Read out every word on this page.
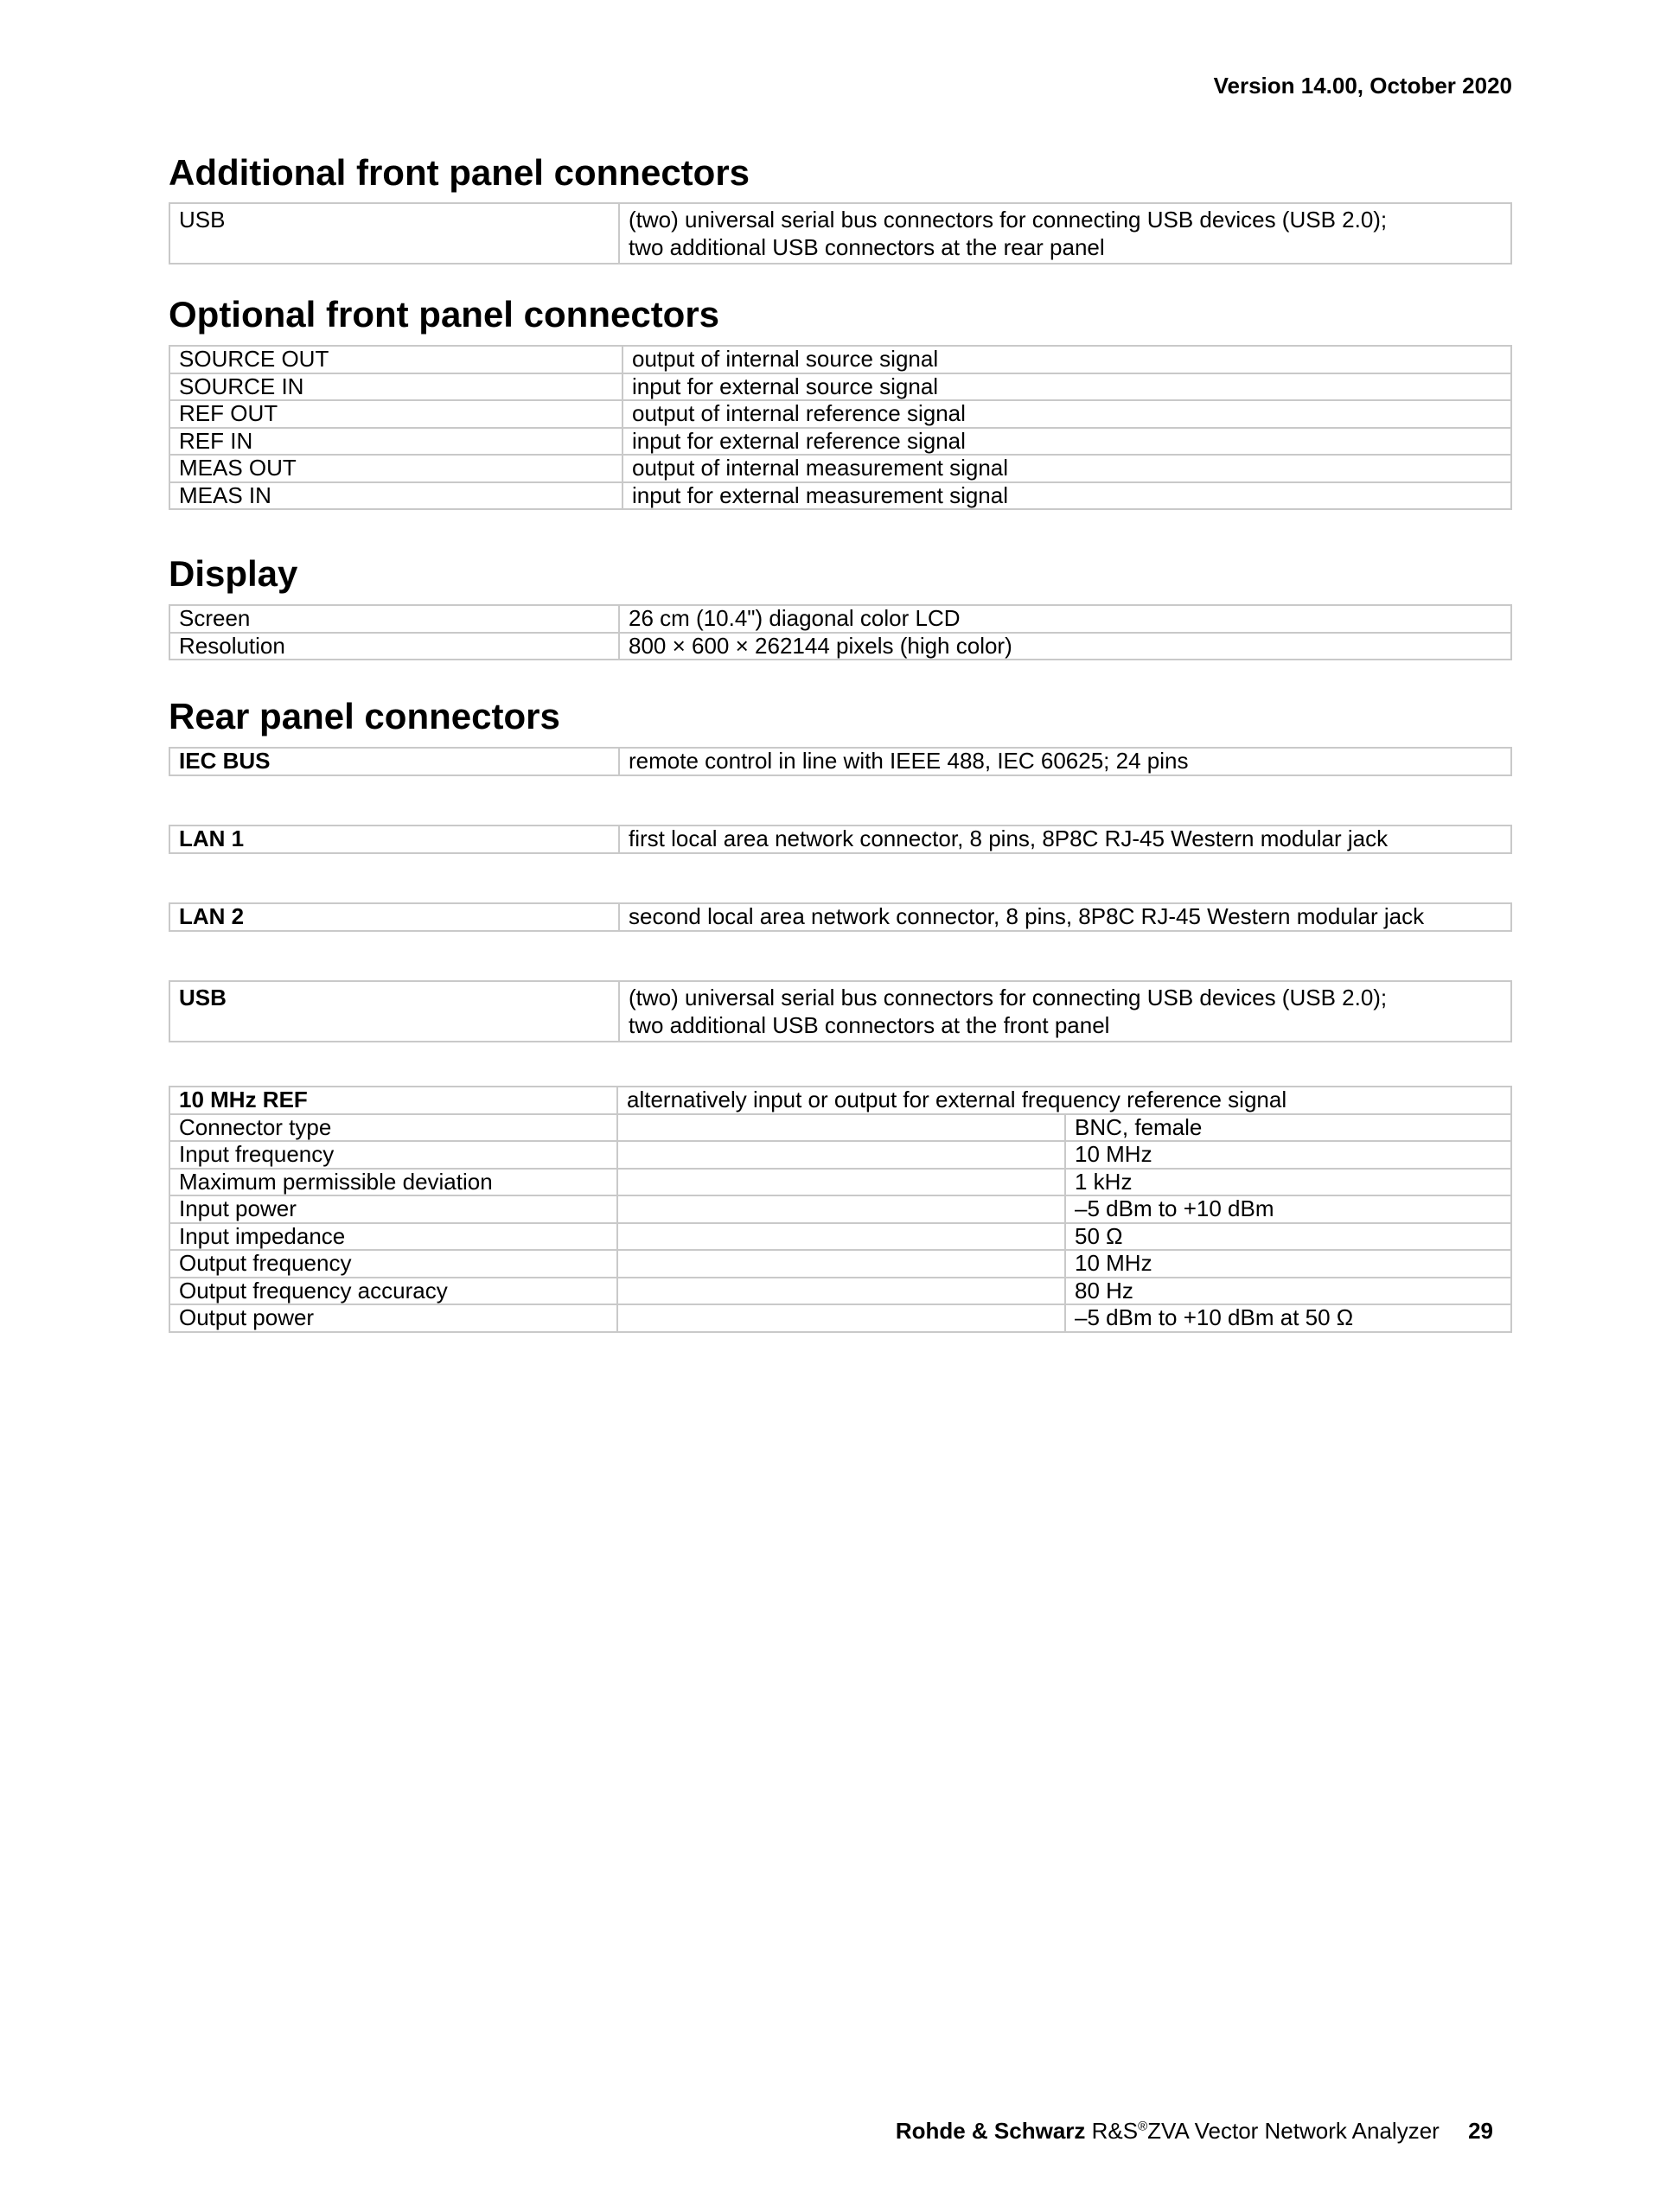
Version 14.00, October 2020
Additional front panel connectors
USB	(two) universal serial bus connectors for connecting USB devices (USB 2.0);
two additional USB connectors at the rear panel
Optional front panel connectors
SOURCE OUT	output of internal source signal
SOURCE IN	input for external source signal
REF OUT	output of internal reference signal
REF IN	input for external reference signal
MEAS OUT	output of internal measurement signal
MEAS IN	input for external measurement signal
Display
Screen	26 cm (10.4") diagonal color LCD
Resolution	800 × 600 × 262144 pixels (high color)
Rear panel connectors
IEC BUS	remote control in line with IEEE 488, IEC 60625; 24 pins
LAN 1	first local area network connector, 8 pins, 8P8C RJ-45 Western modular jack
LAN 2	second local area network connector, 8 pins, 8P8C RJ-45 Western modular jack
USB	(two) universal serial bus connectors for connecting USB devices (USB 2.0);
two additional USB connectors at the front panel
10 MHz REF	alternatively input or output for external frequency reference signal	
Connector type		BNC, female
Input frequency		10 MHz
Maximum permissible deviation		1 kHz
Input power		–5 dBm to +10 dBm
Input impedance		50 Ω
Output frequency		10 MHz
Output frequency accuracy		80 Hz
Output power		–5 dBm to +10 dBm at 50 Ω
Rohde & Schwarz R&S®ZVA Vector Network Analyzer 29
